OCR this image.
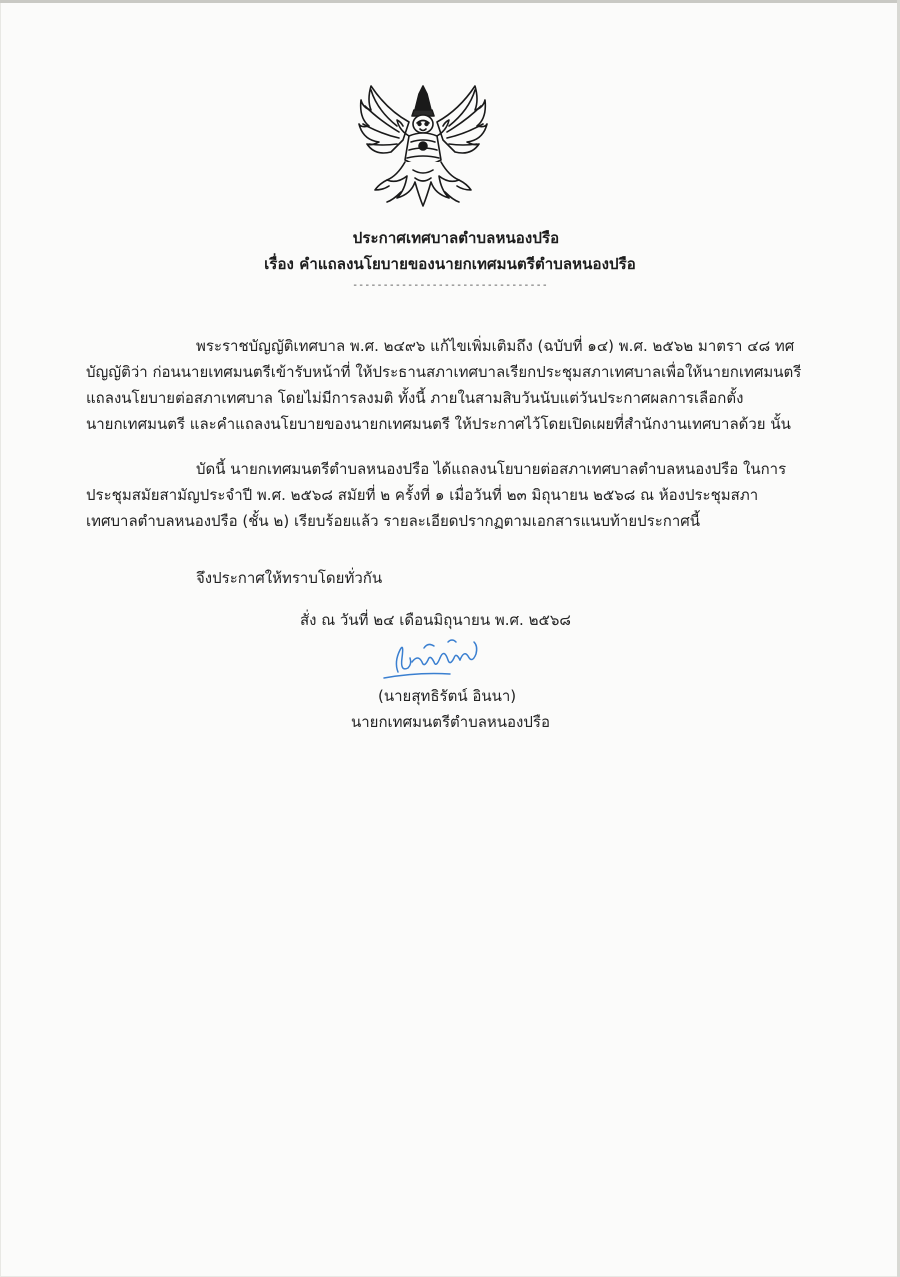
ประกาศเทศบาลตำบลหนองปรือ
เรื่อง คำแถลงนโยบายของนายกเทศมนตรีตำบลหนองปรือ
--------------------------------
พระราชบัญญัติเทศบาล พ.ศ. ๒๔๙๖ แก้ไขเพิ่มเติมถึง (ฉบับที่ ๑๔) พ.ศ. ๒๕๖๒ มาตรา ๔๘ ทศ
บัญญัติว่า ก่อนนายเทศมนตรีเข้ารับหน้าที่ ให้ประธานสภาเทศบาลเรียกประชุมสภาเทศบาลเพื่อให้นายกเทศมนตรี
แถลงนโยบายต่อสภาเทศบาล โดยไม่มีการลงมติ ทั้งนี้ ภายในสามสิบวันนับแต่วันประกาศผลการเลือกตั้ง
นายกเทศมนตรี และคำแถลงนโยบายของนายกเทศมนตรี ให้ประกาศไว้โดยเปิดเผยที่สำนักงานเทศบาลด้วย นั้น
บัดนี้ นายกเทศมนตรีตำบลหนองปรือ ได้แถลงนโยบายต่อสภาเทศบาลตำบลหนองปรือ ในการ
ประชุมสมัยสามัญประจำปี พ.ศ. ๒๕๖๘ สมัยที่ ๒ ครั้งที่ ๑ เมื่อวันที่ ๒๓ มิถุนายน ๒๕๖๘ ณ ห้องประชุมสภา
เทศบาลตำบลหนองปรือ (ชั้น ๒) เรียบร้อยแล้ว รายละเอียดปรากฏตามเอกสารแนบท้ายประกาศนี้
จึงประกาศให้ทราบโดยทั่วกัน
สั่ง ณ วันที่ ๒๔ เดือนมิถุนายน พ.ศ. ๒๕๖๘
(นายสุทธิรัตน์ อินนา)
นายกเทศมนตรีตำบลหนองปรือ
